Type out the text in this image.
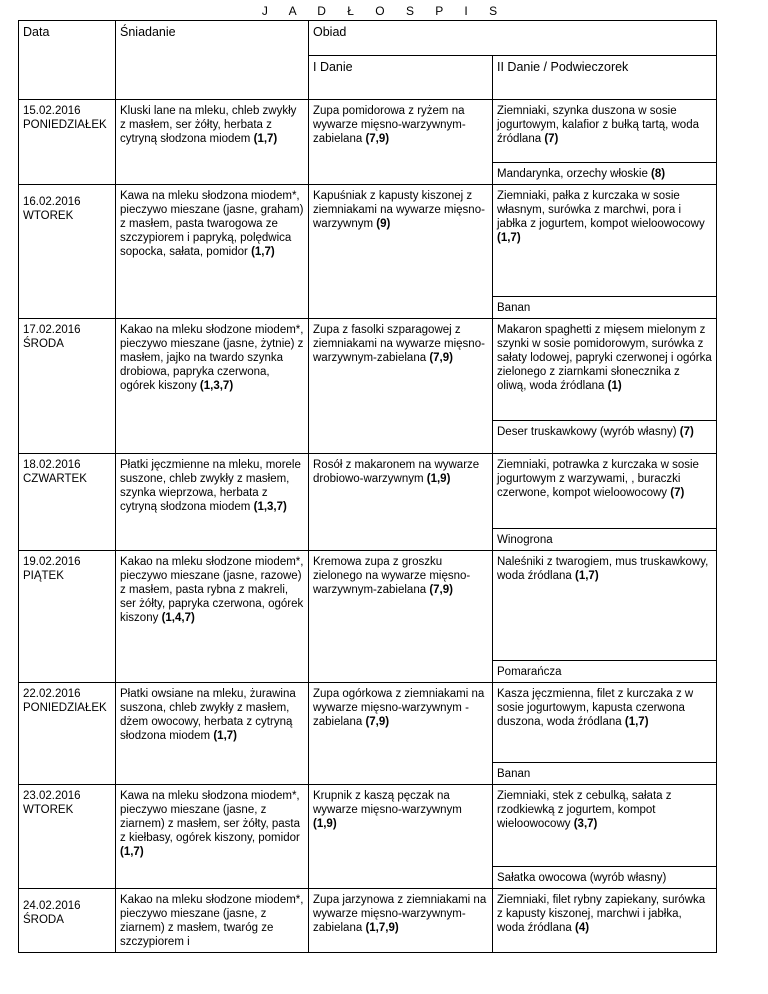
J A D Ł O S P I S
Data	Śniadanie	Obiad	
		I Danie	II Danie / Podwieczorek

15.02.2016
PONIEDZIAŁEK	Kluski lane na mleku, chleb zwykły z masłem, ser żółty, herbata z cytryną słodzona miodem (1,7)	Zupa pomidorowa z ryżem na wywarze mięsno-warzywnym-zabielana (7,9)	Ziemniaki, szynka duszona w sosie jogurtowym, kalafior z bułką tartą, woda źródlana (7)
			Mandarynka, orzechy włoskie (8)

16.02.2016
WTOREK	Kawa na mleku słodzona miodem*, pieczywo mieszane (jasne, graham) z masłem, pasta twarogowa ze szczypiorem i papryką, polędwica sopocka, sałata, pomidor (1,7)	Kapuśniak z kapusty kiszonej z ziemniakami na wywarze mięsno-warzywnym (9)	Ziemniaki, pałka z kurczaka w sosie własnym, surówka z marchwi, pora i jabłka z jogurtem, kompot wieloowocowy (1,7)
			Banan

17.02.2016
ŚRODA	Kakao na mleku słodzone miodem*, pieczywo mieszane (jasne, żytnie) z masłem, jajko na twardo szynka drobiowa, papryka czerwona, ogórek kiszony (1,3,7)	Zupa z fasolki szparagowej z ziemniakami na wywarze mięsno-warzywnym-zabielana (7,9)	Makaron spaghetti z mięsem mielonym z szynki w sosie pomidorowym, surówka z sałaty lodowej, papryki czerwonej i ogórka zielonego z ziarnkami słonecznika z oliwą, woda źródlana (1)
			Deser truskawkowy (wyrób własny) (7)

18.02.2016
CZWARTEK	Płatki jęczmienne na mleku, morele suszone, chleb zwykły z masłem, szynka wieprzowa, herbata z cytryną słodzona miodem (1,3,7)	Rosół z makaronem na wywarze drobiowo-warzywnym (1,9)	Ziemniaki, potrawka z kurczaka w sosie jogurtowym z warzywami, , buraczki czerwone, kompot wieloowocowy (7)
			Winogrona

19.02.2016
PIĄTEK	Kakao na mleku słodzone miodem*, pieczywo mieszane (jasne, razowe) z masłem, pasta rybna z makreli, ser żółty, papryka czerwona, ogórek kiszony (1,4,7)	Kremowa zupa z groszku zielonego na wywarze mięsno-warzywnym-zabielana (7,9)	Naleśniki z twarogiem, mus truskawkowy, woda źródlana (1,7)
			Pomarańcza

22.02.2016
PONIEDZIAŁEK	Płatki owsiane na mleku, żurawina suszona, chleb zwykły z masłem, dżem owocowy, herbata z cytryną słodzona miodem (1,7)	Zupa ogórkowa z ziemniakami na wywarze mięsno-warzywnym - zabielana (7,9)	Kasza jęczmienna, filet z kurczaka z w sosie jogurtowym, kapusta czerwona duszona, woda źródlana (1,7)
			Banan

23.02.2016
WTOREK	Kawa na mleku słodzona miodem*, pieczywo mieszane (jasne, z ziarnem) z masłem, ser żółty, pasta z kiełbasy, ogórek kiszony, pomidor (1,7)	Krupnik z kaszą pęczak na wywarze mięsno-warzywnym (1,9)	Ziemniaki, stek z cebulką, sałata z rzodkiewką z jogurtem, kompot wieloowocowy (3,7)
			Sałatka owocowa (wyrób własny)

24.02.2016
ŚRODA	Kakao na mleku słodzone miodem*, pieczywo mieszane (jasne, z ziarnem) z masłem, twaróg ze szczypiorem i	Zupa jarzynowa z ziemniakami na wywarze mięsno-warzywnym-zabielana (1,7,9)	Ziemniaki, filet rybny zapiekany, surówka z kapusty kiszonej, marchwi i jabłka, woda źródlana (4)
